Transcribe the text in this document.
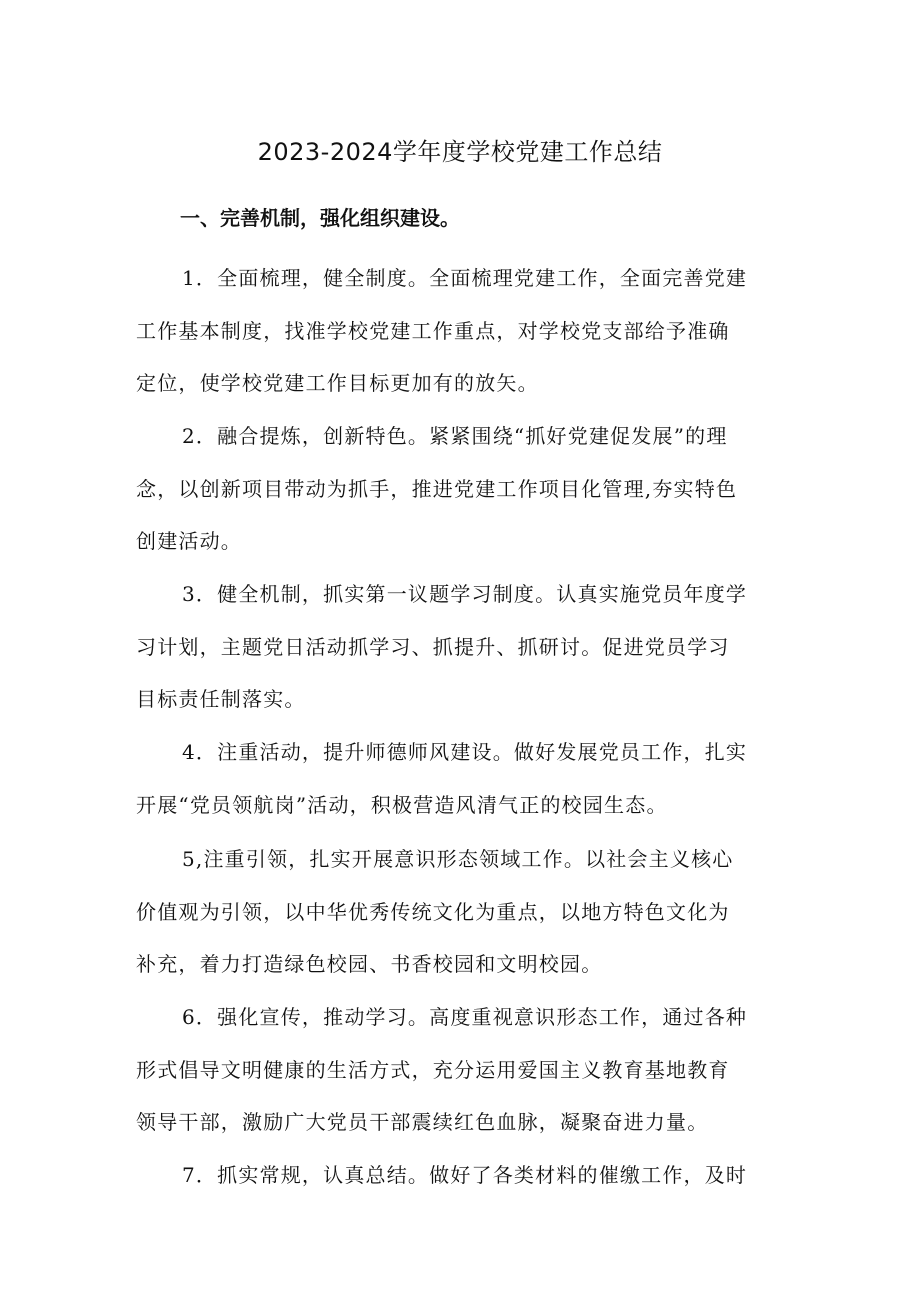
2023-2024学年度学校党建工作总结
一、完善机制，强化组织建设。
1．全面梳理，健全制度。全面梳理党建工作，全面完善党建
工作基本制度，找准学校党建工作重点，对学校党支部给予准确
定位，使学校党建工作目标更加有的放矢。
2．融合提炼，创新特色。紧紧围绕“抓好党建促发展”的理
念，以创新项目带动为抓手，推进党建工作项目化管理,夯实特色
创建活动。
3．健全机制，抓实第一议题学习制度。认真实施党员年度学
习计划，主题党日活动抓学习、抓提升、抓研讨。促进党员学习
目标责任制落实。
4．注重活动，提升师德师风建设。做好发展党员工作，扎实
开展“党员领航岗”活动，积极营造风清气正的校园生态。
5,注重引领，扎实开展意识形态领域工作。以社会主义核心
价值观为引领，以中华优秀传统文化为重点，以地方特色文化为
补充，着力打造绿色校园、书香校园和文明校园。
6．强化宣传，推动学习。高度重视意识形态工作，通过各种
形式倡导文明健康的生活方式，充分运用爱国主义教育基地教育
领导干部，激励广大党员干部震续红色血脉，凝聚奋进力量。
7．抓实常规，认真总结。做好了各类材料的催缴工作，及时
